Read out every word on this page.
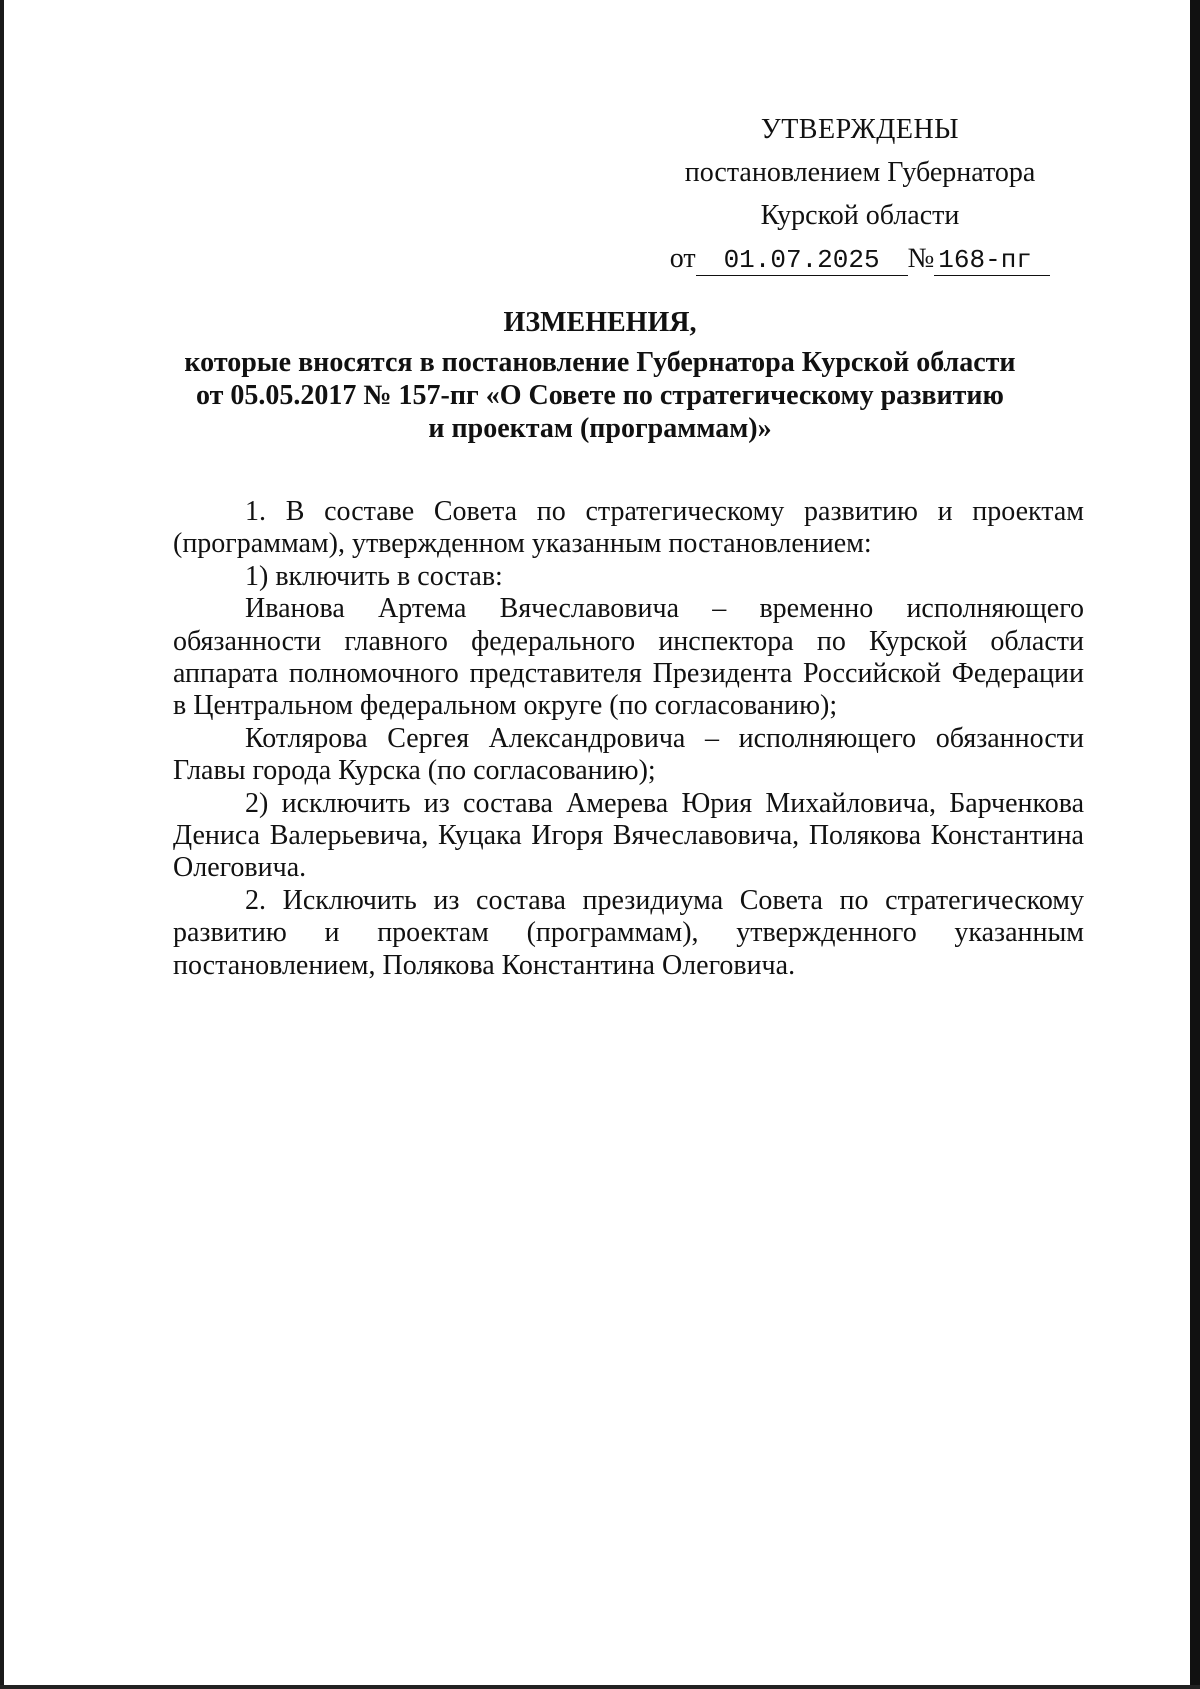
УТВЕРЖДЕНЫ
постановлением Губернатора
Курской области
от	01.07.2025 № 168-пг
ИЗМЕНЕНИЯ,
которые вносятся в постановление Губернатора Курской области
от 05.05.2017 № 157-пг «О Совете по стратегическому развитию
и проектам (программам)»

1. В составе Совета по стратегическому развитию и проектам (программам), утвержденном указанным постановлением:

1) включить в состав:

Иванова Артема Вячеславовича – временно исполняющего обязанности главного федерального инспектора по Курской области аппарата полномочного представителя Президента Российской Федерации в Центральном федеральном округе (по согласованию);

Котлярова Сергея Александровича – исполняющего обязанности Главы города Курска (по согласованию);

2) исключить из состава Амерева Юрия Михайловича, Барченкова Дениса Валерьевича, Куцака Игоря Вячеславовича, Полякова Константина Олеговича.

2. Исключить из состава президиума Совета по стратегическому развитию и проектам (программам), утвержденного указанным постановлением, Полякова Константина Олеговича.
